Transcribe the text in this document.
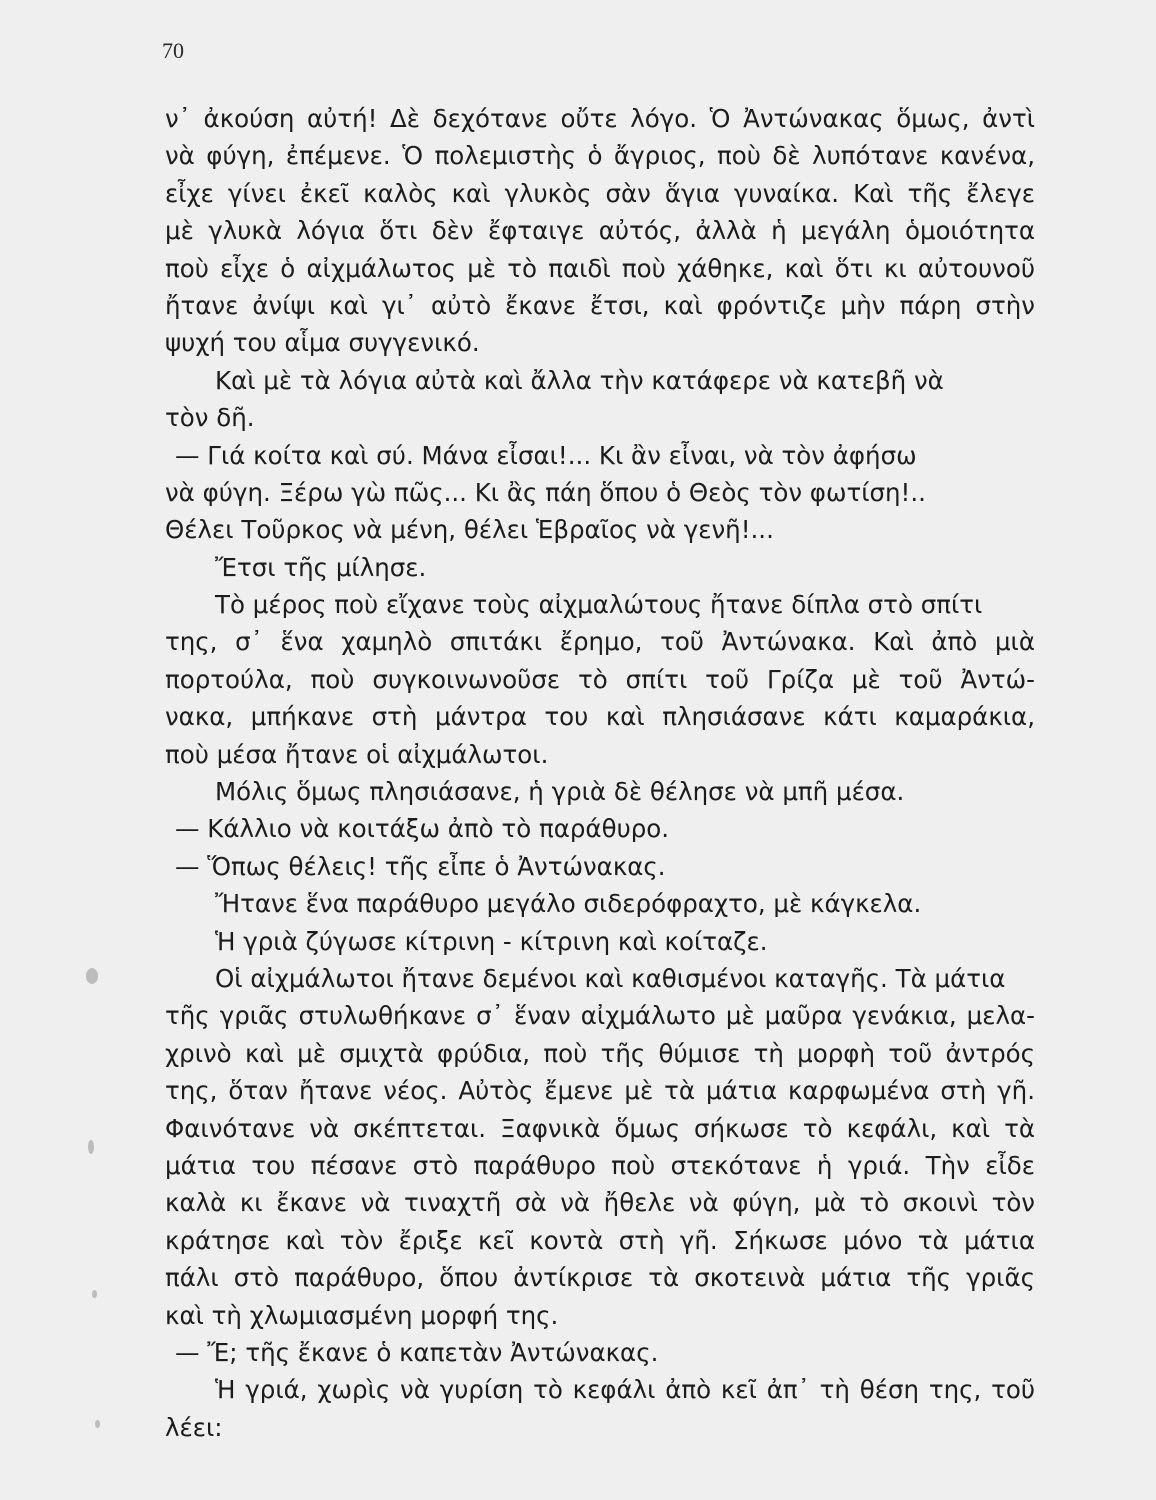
70
ν᾽ ἀκούση αὐτή! Δὲ δεχότανε οὔτε λόγο. Ὁ Ἀντώνακας ὅμως, ἀντὶ
νὰ φύγη, ἐπέμενε. Ὁ πολεμιστὴς ὁ ἄγριος, ποὺ δὲ λυπότανε κανένα,
εἶχε γίνει ἐκεῖ καλὸς καὶ γλυκὸς σὰν ἅγια γυναίκα. Καὶ τῆς ἔλεγε
μὲ γλυκὰ λόγια ὅτι δὲν ἔφταιγε αὐτός, ἀλλὰ ἡ μεγάλη ὁμοιότητα
ποὺ εἶχε ὁ αἰχμάλωτος μὲ τὸ παιδὶ ποὺ χάθηκε, καὶ ὅτι κι αὐτουνοῦ
ἤτανε ἀνίψι καὶ γι᾽ αὐτὸ ἔκανε ἔτσι, καὶ φρόντιζε μὴν πάρη στὴν
ψυχή του αἷμα συγγενικό.
Καὶ μὲ τὰ λόγια αὐτὰ καὶ ἄλλα τὴν κατάφερε νὰ κατεβῆ νὰ
τὸν δῆ.
— Γιά κοίτα καὶ σύ. Μάνα εἶσαι!... Κι ἂν εἶναι, νὰ τὸν ἀφήσω
νὰ φύγη. Ξέρω γὼ πῶς... Κι ἂς πάη ὅπου ὁ Θεὸς τὸν φωτίση!..
Θέλει Τοῦρκος νὰ μένη, θέλει Ἑβραῖος νὰ γενῆ!...
Ἔτσι τῆς μίλησε.
Τὸ μέρος ποὺ εἴχανε τοὺς αἰχμαλώτους ἤτανε δίπλα στὸ σπίτι
της, σ᾽ ἕνα χαμηλὸ σπιτάκι ἔρημο, τοῦ Ἀντώνακα. Καὶ ἀπὸ μιὰ
πορτούλα, ποὺ συγκοινωνοῦσε τὸ σπίτι τοῦ Γρίζα μὲ τοῦ Ἀντώ-
νακα, μπήκανε στὴ μάντρα του καὶ πλησιάσανε κάτι καμαράκια,
ποὺ μέσα ἤτανε οἱ αἰχμάλωτοι.
Μόλις ὅμως πλησιάσανε, ἡ γριὰ δὲ θέλησε νὰ μπῆ μέσα.
— Κάλλιο νὰ κοιτάξω ἀπὸ τὸ παράθυρο.
— Ὅπως θέλεις! τῆς εἶπε ὁ Ἀντώνακας.
Ἤτανε ἕνα παράθυρο μεγάλο σιδερόφραχτο, μὲ κάγκελα.
Ἡ γριὰ ζύγωσε κίτρινη - κίτρινη καὶ κοίταζε.
Οἱ αἰχμάλωτοι ἤτανε δεμένοι καὶ καθισμένοι καταγῆς. Τὰ μάτια
τῆς γριᾶς στυλωθήκανε σ᾽ ἕναν αἰχμάλωτο μὲ μαῦρα γενάκια, μελα-
χρινὸ καὶ μὲ σμιχτὰ φρύδια, ποὺ τῆς θύμισε τὴ μορφὴ τοῦ ἀντρός
της, ὅταν ἤτανε νέος. Αὐτὸς ἔμενε μὲ τὰ μάτια καρφωμένα στὴ γῆ.
Φαινότανε νὰ σκέπτεται. Ξαφνικὰ ὅμως σήκωσε τὸ κεφάλι, καὶ τὰ
μάτια του πέσανε στὸ παράθυρο ποὺ στεκότανε ἡ γριά. Τὴν εἶδε
καλὰ κι ἔκανε νὰ τιναχτῆ σὰ νὰ ἤθελε νὰ φύγη, μὰ τὸ σκοινὶ τὸν
κράτησε καὶ τὸν ἔριξε κεῖ κοντὰ στὴ γῆ. Σήκωσε μόνο τὰ μάτια
πάλι στὸ παράθυρο, ὅπου ἀντίκρισε τὰ σκοτεινὰ μάτια τῆς γριᾶς
καὶ τὴ χλωμιασμένη μορφή της.
— Ἔ; τῆς ἔκανε ὁ καπετὰν Ἀντώνακας.
Ἡ γριά, χωρὶς νὰ γυρίση τὸ κεφάλι ἀπὸ κεῖ ἀπ᾽ τὴ θέση της, τοῦ
λέει:
